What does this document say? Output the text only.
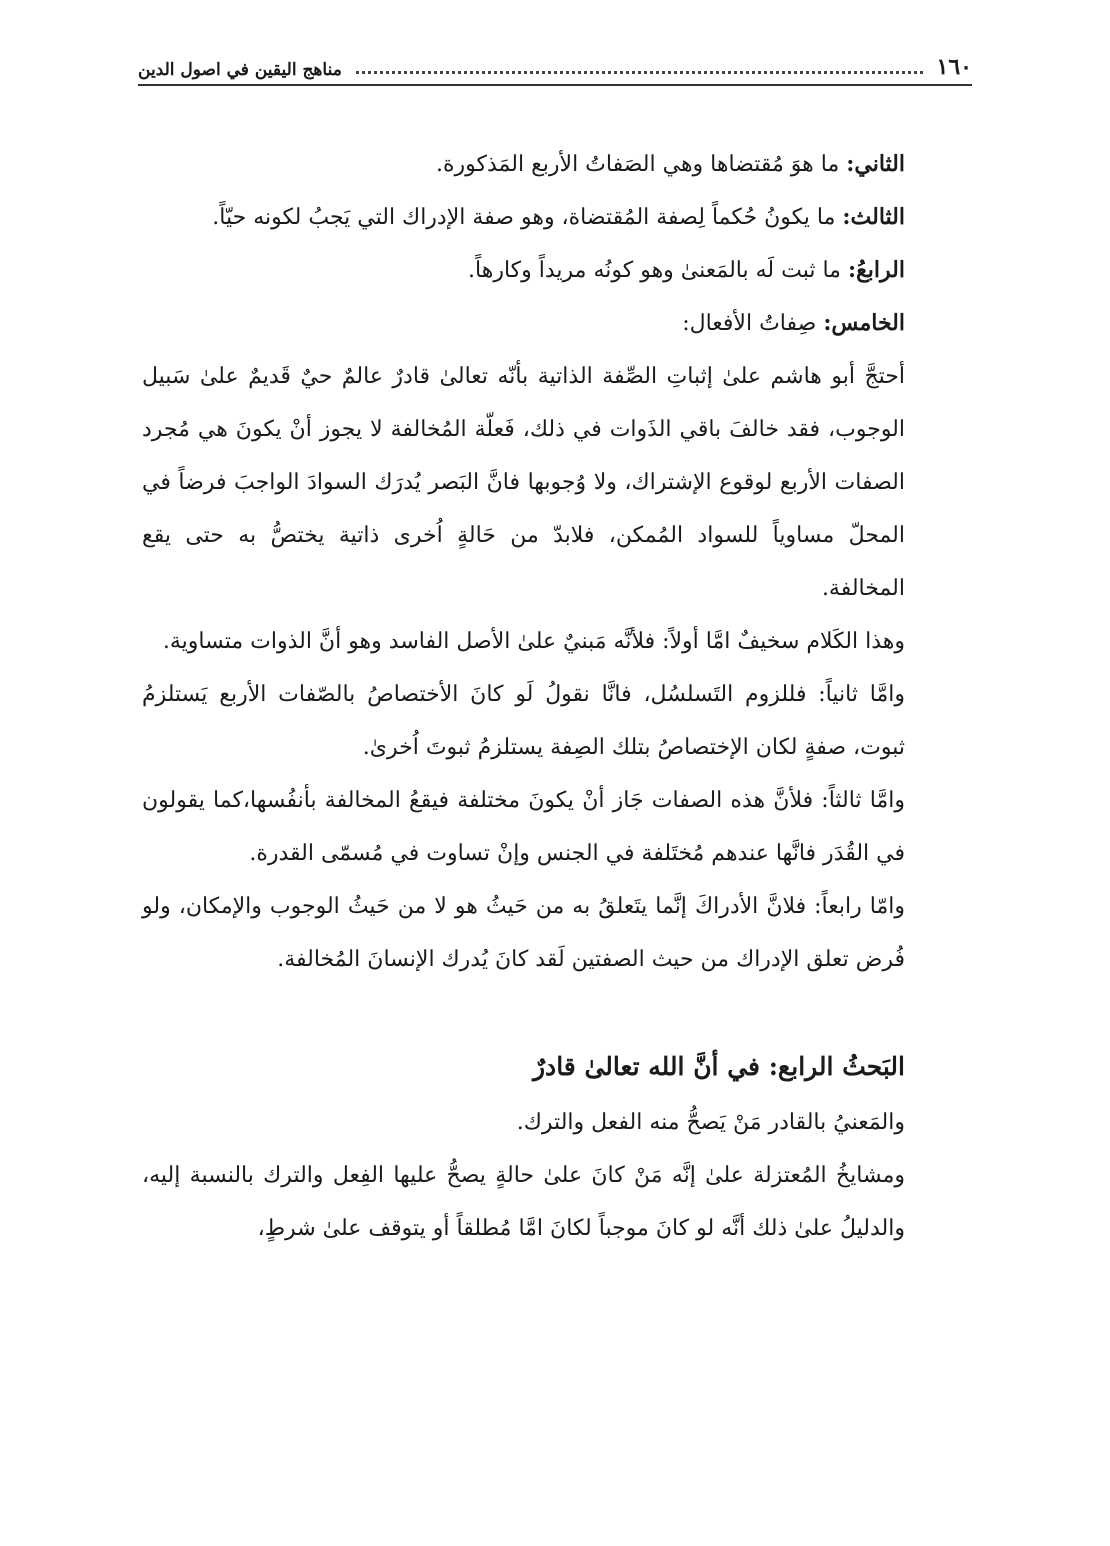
١٦٠
مناهج اليقين في اصول الدين

الثاني: ما هوَ مُقتضاها وهي الصَفاتُ الأربع المَذكورة.

الثالث: ما يكونُ حُكماً لِصفة المُقتضاة، وهو صفة الإدراك التي يَجبُ لكونه حيّاً.

الرابعُ: ما ثبت لَه بالمَعنىٰ وهو كونُه مريداً وكارهاً.

الخامس: صِفاتُ الأفعال:

أحتجَّ أبو هاشم علىٰ إثباتِ الصِّفة الذاتية بأنّه تعالىٰ قادرٌ عالمٌ حيٌ قَديمٌ علىٰ سَبيل الوجوب، فقد خالفَ باقي الذَوات في ذلك، فَعلّة المُخالفة لا يجوز أنْ يكونَ هي مُجرد الصفات الأربع لوقوع الإشتراك، ولا وُجوبها فانَّ البَصر يُدرَك السوادَ الواجبَ فرضاً في المحلّ مساوياً للسواد المُمكن، فلابدّ من حَالةٍ اُخرى ذاتية يختصُّ به حتى يقع المخالفة.

وهذا الكَلام سخيفٌ امَّا أولاً: فلأنَّه مَبنيٌ علىٰ الأصل الفاسد وهو أنَّ الذوات متساوية.

وامَّا ثانياً: فللزوم التَسلسُل، فانَّا نقولُ لَو كانَ الأختصاصُ بالصّفات الأربع يَستلزمُ ثبوت، صفةٍ لكان الإختصاصُ بتلك الصِفة يستلزمُ ثبوتَ اُخرىٰ.

وامَّا ثالثاً: فلأنَّ هذه الصفات جَاز أنْ يكونَ مختلفة فيقعُ المخالفة بأنفُسها،كما يقولون في القُدَر فانَّها عندهم مُختَلفة في الجنس وإنْ تساوت في مُسمّى القدرة.

وامّا رابعاً: فلانَّ الأدراكَ إنَّما يتَعلقُ به من حَيثُ هو لا من حَيثُ الوجوب والإمكان، ولو فُرض تعلق الإدراك من حيث الصفتين لَقد كانَ يُدرك الإنسانَ المُخالفة.

البَحثُ الرابع: في أنَّ الله تعالىٰ قادرٌ

والمَعنيُ بالقادر مَنْ يَصحُّ منه الفعل والترك.

ومشايخُ المُعتزلة علىٰ إنَّه مَنْ كانَ علىٰ حالةٍ يصحُّ عليها الفِعل والترك بالنسبة إليه، والدليلُ علىٰ ذلك أنَّه لو كانَ موجباً لكانَ امَّا مُطلقاً أو يتوقف علىٰ شرطٍ،
